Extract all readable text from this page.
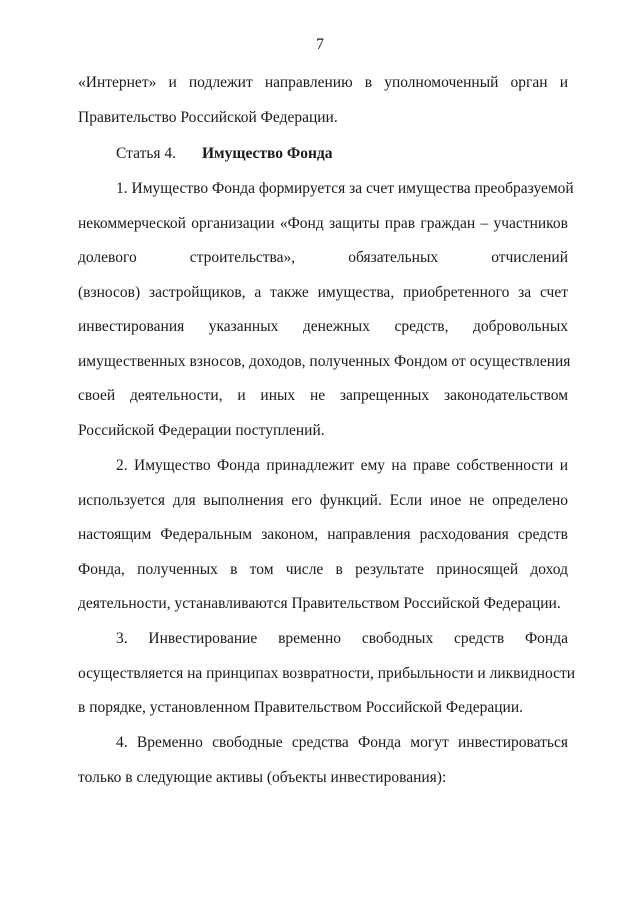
7
«Интернет» и подлежит направлению в уполномоченный орган и
Правительство Российской Федерации.
Статья 4. Имущество Фонда
1. Имущество Фонда формируется за счет имущества преобразуемой
некоммерческой организации «Фонд защиты прав граждан – участников
долевого строительства», обязательных отчислений
(взносов) застройщиков, а также имущества, приобретенного за счет
инвестирования указанных денежных средств, добровольных
имущественных взносов, доходов, полученных Фондом от осуществления
своей деятельности, и иных не запрещенных законодательством
Российской Федерации поступлений.
2. Имущество Фонда принадлежит ему на праве собственности и
используется для выполнения его функций. Если иное не определено
настоящим Федеральным законом, направления расходования средств
Фонда, полученных в том числе в результате приносящей доход
деятельности, устанавливаются Правительством Российской Федерации.
3. Инвестирование временно свободных средств Фонда
осуществляется на принципах возвратности, прибыльности и ликвидности
в порядке, установленном Правительством Российской Федерации.
4. Временно свободные средства Фонда могут инвестироваться
только в следующие активы (объекты инвестирования):
